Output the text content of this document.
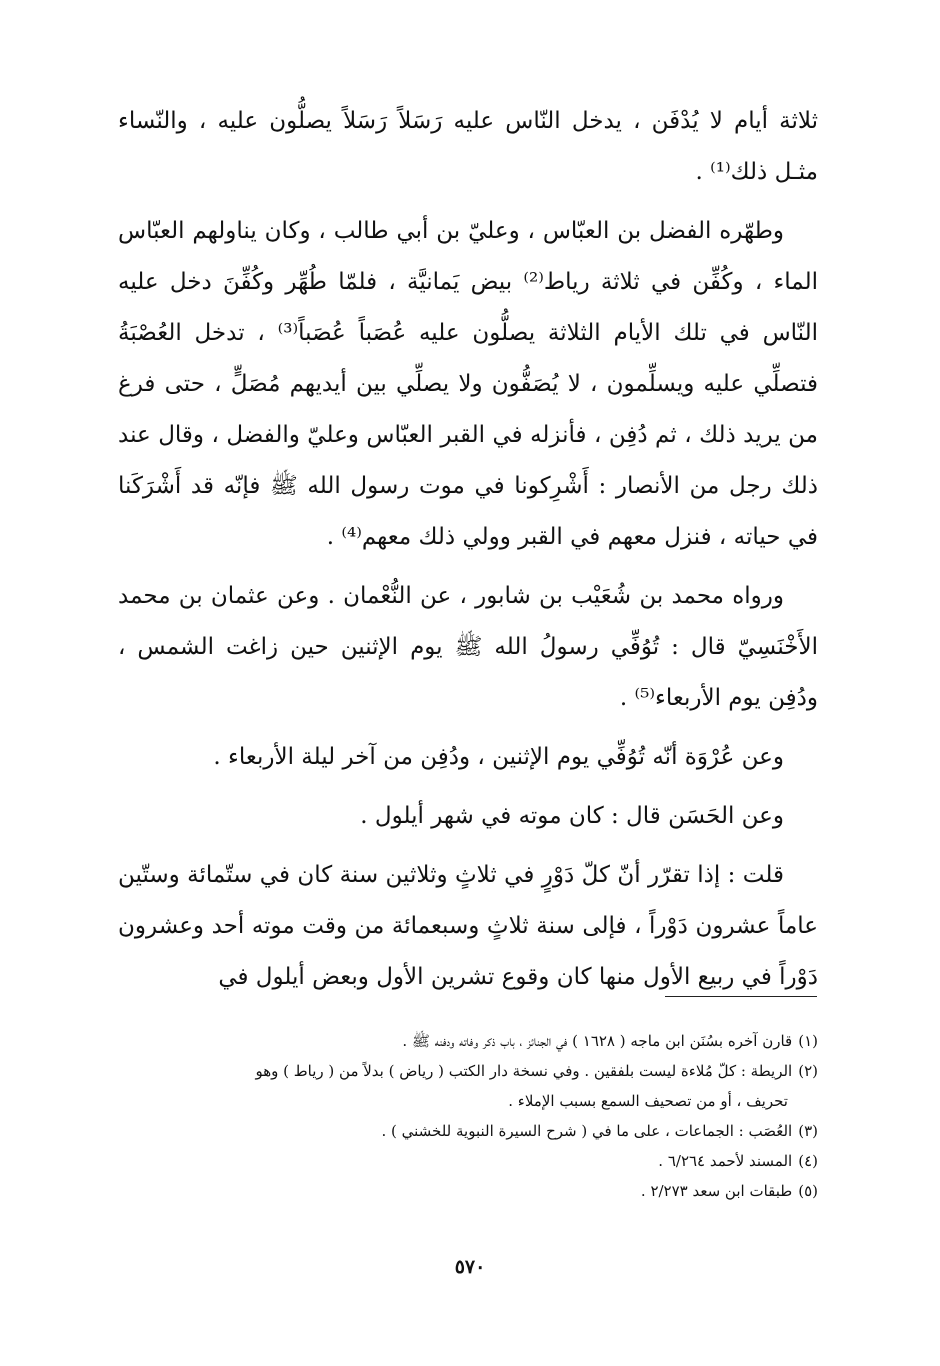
ثلاثة أيام لا يُدْفَن ، يدخل النّاس عليه رَسَلاً رَسَلاً يصلُّون عليه ، والنّساء مثـل ذلك⁽¹⁾ .

وطهّره الفضل بن العبّاس ، وعليّ بن أبي طالب ، وكان يناولهم العبّاس الماء ، وكُفِّن في ثلاثة رياط⁽²⁾ بيض يَمانيَّة ، فلمّا طُهِّر وكُفِّنَ دخل عليه النّاس في تلك الأيام الثلاثة يصلُّون عليه عُصَباً عُصَباً⁽³⁾ ، تدخل العُصْبَةُ فتصلِّي عليه ويسلِّمون ، لا يُصَفُّون ولا يصلِّي بين أيديهم مُصَلٍّ ، حتى فرغ من يريد ذلك ، ثم دُفِن ، فأنزله في القبر العبّاس وعليّ والفضل ، وقال عند ذلك رجل من الأنصار : أَشْرِكونا في موت رسول الله ﷺ فإنّه قد أَشْرَكَنا في حياته ، فنزل معهم في القبر وولي ذلك معهم⁽⁴⁾ .

ورواه محمد بن شُعَيْب بن شابور ، عن النُّعْمان . وعن عثمان بن محمد الأَخْنَسِيّ قال : تُوُفِّي رسولُ الله ﷺ يوم الإثنين حين زاغت الشمس ، ودُفِن يوم الأربعاء⁽⁵⁾ .

وعن عُرْوَة أنّه تُوُفِّي يوم الإثنين ، ودُفِن من آخر ليلة الأربعاء .

وعن الحَسَن قال : كان موته في شهر أيلول .

قلت : إذا تقرّر أنّ كلّ دَوْرٍ في ثلاثٍ وثلاثين سنة كان في ستّمائة وستّين عاماً عشرون دَوْراً ، فإلى سنة ثلاثٍ وسبعمائة من وقت موته أحد وعشرون دَوْراً في ربيع الأول منها كان وقوع تشرين الأول وبعض أيلول في

(١)قارن آخره بسُنَن ابن ماجه ( ١٦٢٨ ) في الجنائز ، باب ذكر وفاته ودفنه ﷺ .

(٢)الريطة : كلّ مُلاءة ليست بلفقين . وفي نسخة دار الكتب ( رياض ) بدلاً من ( رياط ) وهو

تحريف ، أو من تصحيف السمع بسبب الإملاء .

(٣)العُصَب : الجماعات ، على ما في ( شرح السيرة النبوية للخشني ) .

(٤)المسند لأحمد ٦/٢٦٤ .

(٥)طبقات ابن سعد ٢/٢٧٣ .

٥٧٠
